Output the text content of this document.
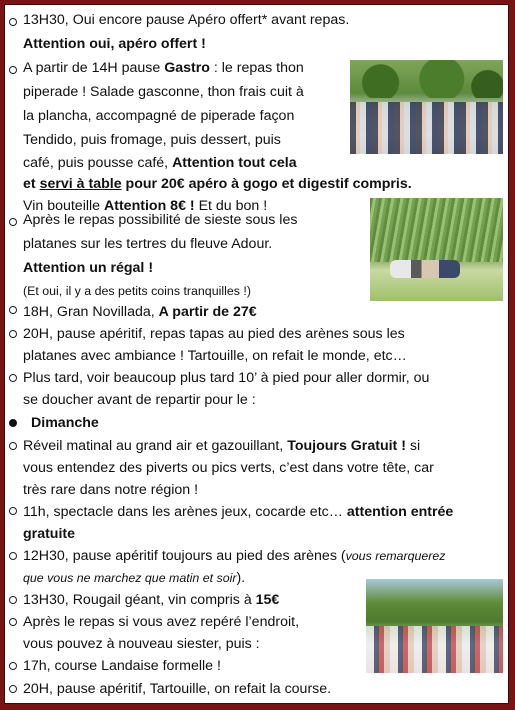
13H30, Oui encore pause Apéro offert* avant repas.
Attention oui, apéro offert !
A partir de 14H pause Gastro : le repas thon
piperade ! Salade gasconne, thon frais cuit à
la plancha, accompagné de piperade façon
Tendido, puis fromage, puis dessert, puis
café, puis pousse café, Attention tout cela
et servi à table pour 20€ apéro à gogo et digestif compris.
Vin bouteille Attention 8€ ! Et du bon !
Après le repas possibilité de sieste sous les
platanes sur les tertres du fleuve Adour.
Attention un régal !
(Et oui, il y a des petits coins tranquilles !)
18H, Gran Novillada, A partir de 27€
20H, pause apéritif, repas tapas au pied des arènes sous les
platanes avec ambiance ! Tartouille, on refait le monde, etc…
Plus tard, voir beaucoup plus tard 10’ à pied pour aller dormir, ou
se doucher avant de repartir pour le :
Dimanche
Réveil matinal au grand air et gazouillant, Toujours Gratuit ! si
vous entendez des piverts ou pics verts, c’est dans votre tête, car
très rare dans notre région !
11h, spectacle dans les arènes jeux, cocarde etc… attention entrée
gratuite
12H30, pause apéritif toujours au pied des arènes (vous remarquerez
que vous ne marchez que matin et soir).
13H30, Rougail géant, vin compris à 15€
Après le repas si vous avez repéré l’endroit,
vous pouvez à nouveau siester, puis :
17h, course Landaise formelle !
20H, pause apéritif, Tartouille, on refait la course.
